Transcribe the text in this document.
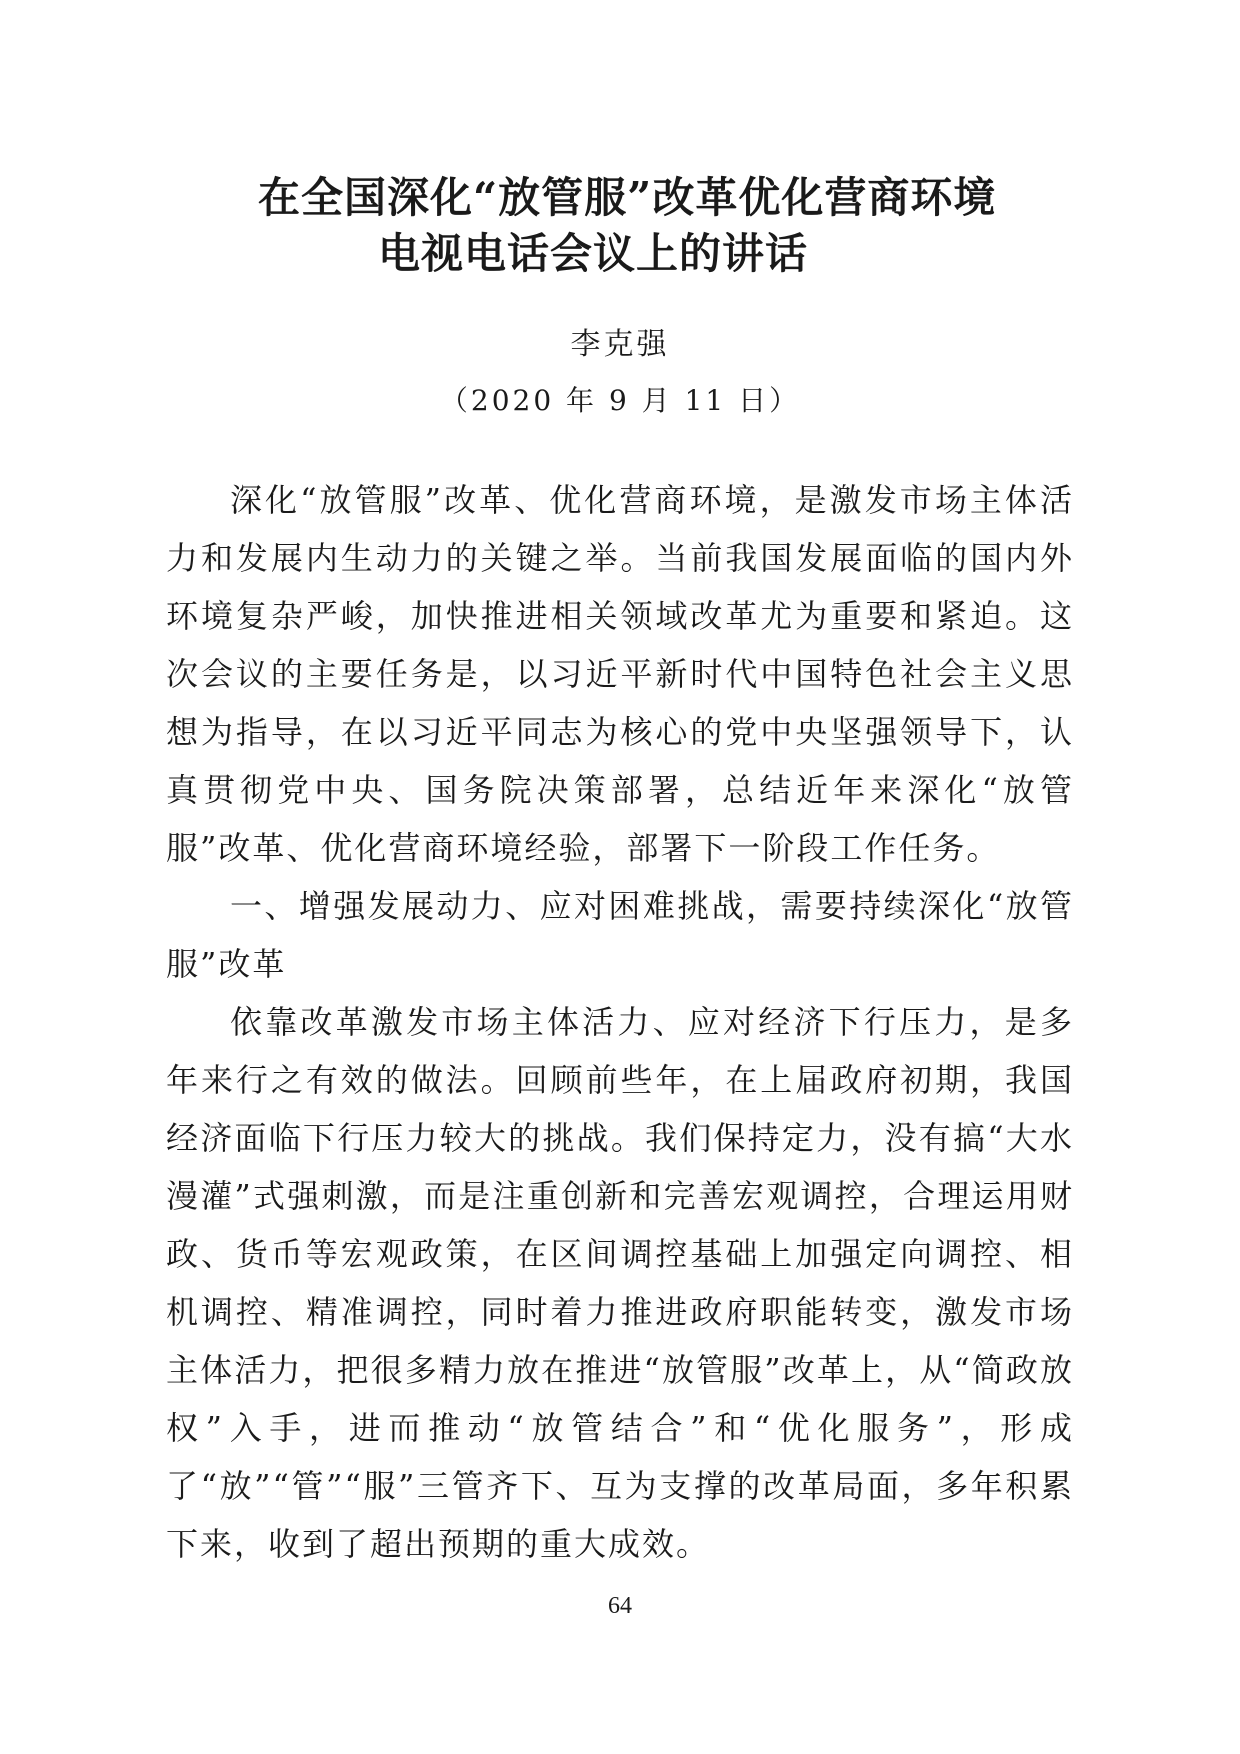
在全国深化“放管服”改革优化营商环境
电视电话会议上的讲话
李克强
（2020 年 9 月 11 日）

深化“放管服”改革、优化营商环境，是激发市场主体活力和发展内生动力的关键之举。当前我国发展面临的国内外环境复杂严峻，加快推进相关领域改革尤为重要和紧迫。这次会议的主要任务是，以习近平新时代中国特色社会主义思想为指导，在以习近平同志为核心的党中央坚强领导下，认真贯彻党中央、国务院决策部署，总结近年来深化“放管服”改革、优化营商环境经验，部署下一阶段工作任务。

一、增强发展动力、应对困难挑战，需要持续深化“放管服”改革

依靠改革激发市场主体活力、应对经济下行压力，是多年来行之有效的做法。回顾前些年，在上届政府初期，我国经济面临下行压力较大的挑战。我们保持定力，没有搞“大水漫灌”式强刺激，而是注重创新和完善宏观调控，合理运用财政、货币等宏观政策，在区间调控基础上加强定向调控、相机调控、精准调控，同时着力推进政府职能转变，激发市场主体活力，把很多精力放在推进“放管服”改革上，从“简政放权”入手，进而推动“放管结合”和“优化服务”，形成了“放”“管”“服”三管齐下、互为支撑的改革局面，多年积累下来，收到了超出预期的重大成效。

64
